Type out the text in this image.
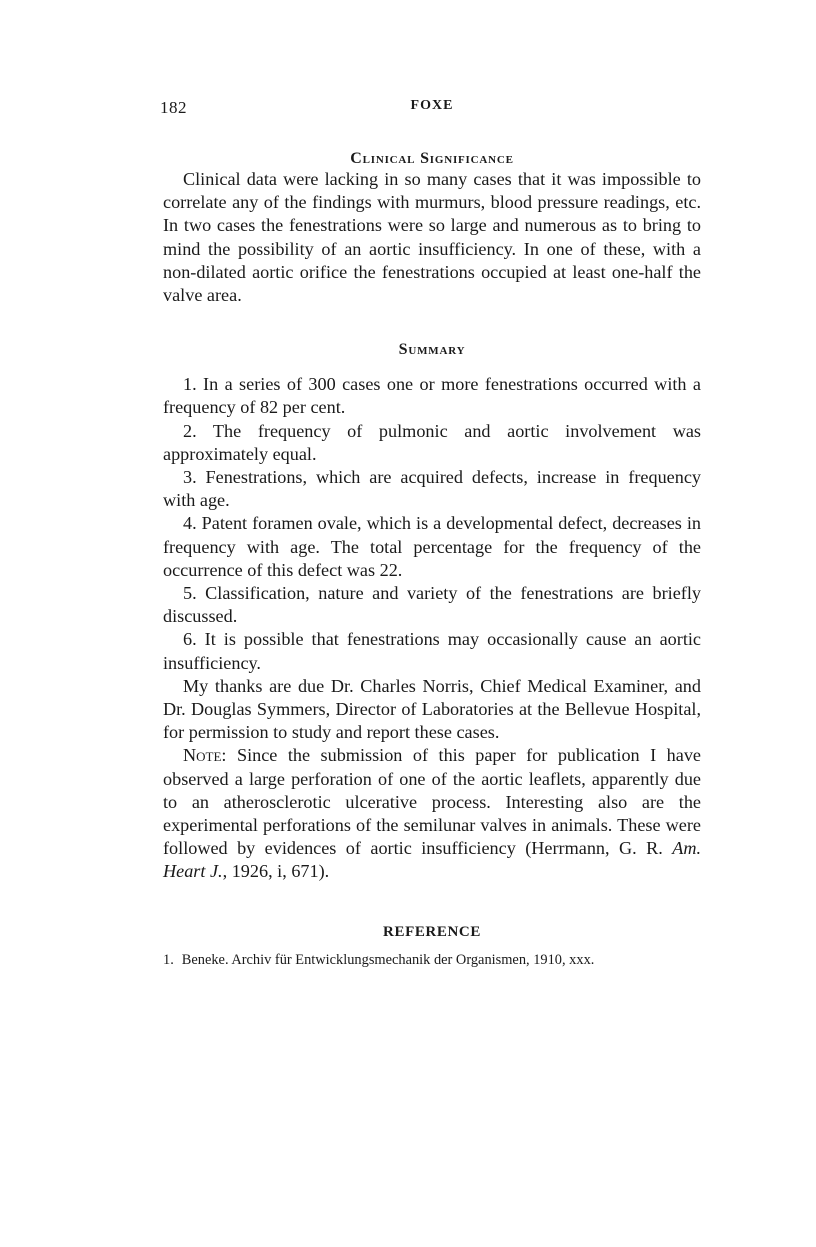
182	FOXE
Clinical Significance

Clinical data were lacking in so many cases that it was impossible to correlate any of the findings with murmurs, blood pressure readings, etc. In two cases the fenestrations were so large and numerous as to bring to mind the possibility of an aortic insufficiency. In one of these, with a non-dilated aortic orifice the fenestrations occupied at least one-half the valve area.

Summary

1. In a series of 300 cases one or more fenestrations occurred with a frequency of 82 per cent.

2. The frequency of pulmonic and aortic involvement was approximately equal.

3. Fenestrations, which are acquired defects, increase in frequency with age.

4. Patent foramen ovale, which is a developmental defect, decreases in frequency with age. The total percentage for the frequency of the occurrence of this defect was 22.

5. Classification, nature and variety of the fenestrations are briefly discussed.

6. It is possible that fenestrations may occasionally cause an aortic insufficiency.

My thanks are due Dr. Charles Norris, Chief Medical Examiner, and Dr. Douglas Symmers, Director of Laboratories at the Bellevue Hospital, for permission to study and report these cases.

Note: Since the submission of this paper for publication I have observed a large perforation of one of the aortic leaflets, apparently due to an atherosclerotic ulcerative process. Interesting also are the experimental perforations of the semilunar valves in animals. These were followed by evidences of aortic insufficiency (Herrmann, G. R. Am. Heart J., 1926, i, 671).

REFERENCE
1. Beneke. Archiv für Entwicklungsmechanik der Organismen, 1910, xxx.
